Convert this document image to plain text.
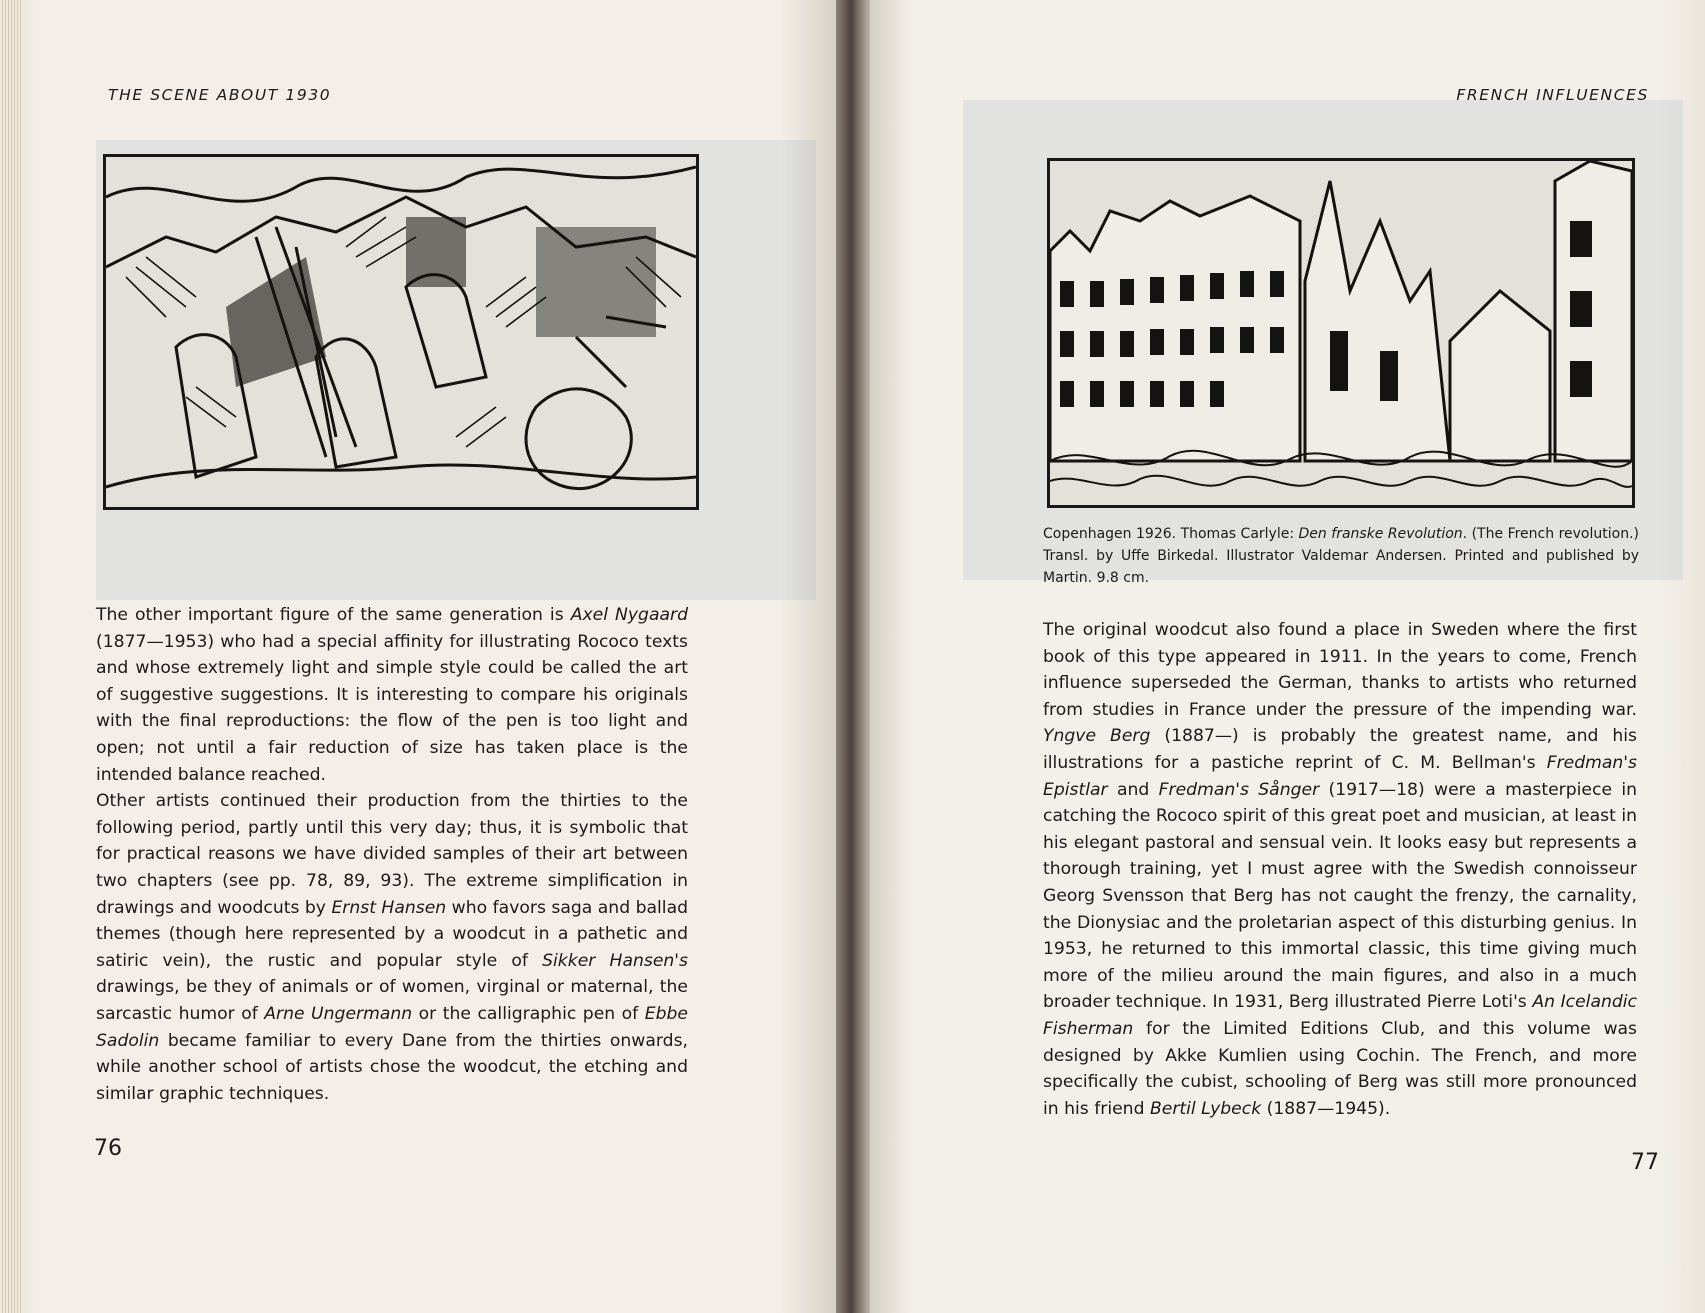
THE SCENE ABOUT 1930

The other important figure of the same generation is Axel Nygaard (1877—1953) who had a special affinity for illustrating Rococo texts and whose extremely light and simple style could be called the art of suggestive suggestions. It is interesting to compare his originals with the final reproductions: the flow of the pen is too light and open; not until a fair reduction of size has taken place is the intended balance reached.

Other artists continued their production from the thirties to the following period, partly until this very day; thus, it is symbolic that for practical reasons we have divided samples of their art between two chapters (see pp. 78, 89, 93). The extreme simplification in drawings and woodcuts by Ernst Hansen who favors saga and ballad themes (though here represented by a woodcut in a pathetic and satiric vein), the rustic and popular style of Sikker Hansen's drawings, be they of animals or of women, virginal or maternal, the sarcastic humor of Arne Ungermann or the calligraphic pen of Ebbe Sadolin became familiar to every Dane from the thirties onwards, while another school of artists chose the woodcut, the etching and similar graphic techniques.

76
FRENCH INFLUENCES
Copenhagen 1926. Thomas Carlyle: Den franske Revolution. (The French revolution.) Transl. by Uffe Birkedal. Illustrator Valdemar Andersen. Printed and published by Martin. 9.8 cm.

The original woodcut also found a place in Sweden where the first book of this type appeared in 1911. In the years to come, French influence superseded the German, thanks to artists who returned from studies in France under the pressure of the impending war. Yngve Berg (1887—) is probably the greatest name, and his illustrations for a pastiche reprint of C. M. Bellman's Fredman's Epistlar and Fredman's Sånger (1917—18) were a masterpiece in catching the Rococo spirit of this great poet and musician, at least in his elegant pastoral and sensual vein. It looks easy but represents a thorough training, yet I must agree with the Swedish connoisseur Georg Svensson that Berg has not caught the frenzy, the carnality, the Dionysiac and the proletarian aspect of this disturbing genius. In 1953, he returned to this immortal classic, this time giving much more of the milieu around the main figures, and also in a much broader technique. In 1931, Berg illustrated Pierre Loti's An Icelandic Fisherman for the Limited Editions Club, and this volume was designed by Akke Kumlien using Cochin. The French, and more specifically the cubist, schooling of Berg was still more pronounced in his friend Bertil Lybeck (1887—1945).

77
